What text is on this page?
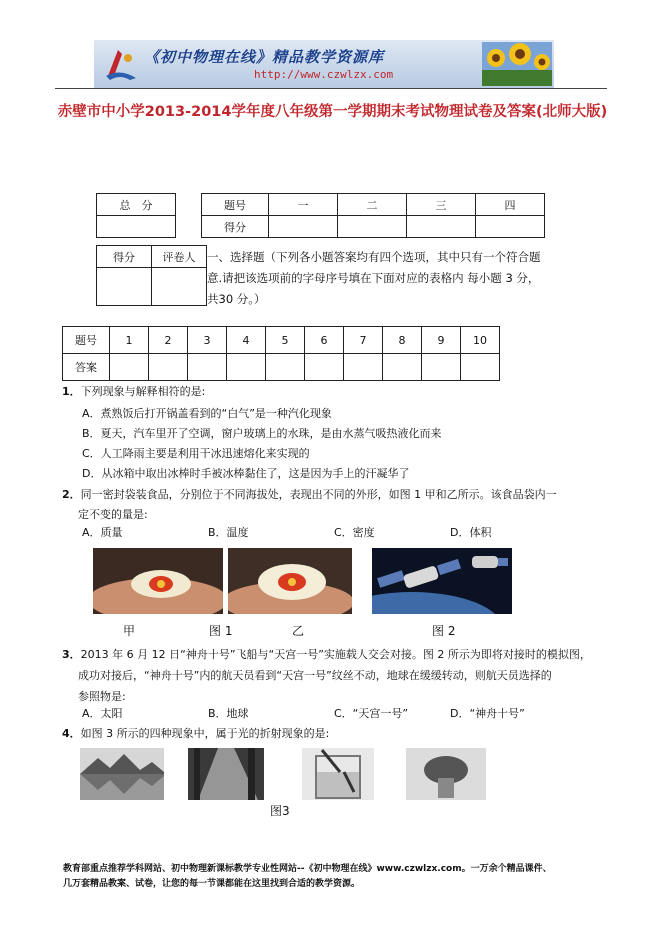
《初中物理在线》精品教学资源库
http://www.czwlzx.com
赤壁市中小学2013-2014学年度八年级第一学期期末考试物理试卷及答案(北师大版)
总　分	题号	一	二	三	四
得分				
得分	评卷人
	一、选择题（下列各小题答案均有四个选项，其中只有一个符合题
意.请把该选项前的字母序号填在下面对应的表格内 每小题 3 分，
共30 分。）
题号	1	2	3	4	5	6	7	8	9	10
答案										
1．下列现象与解释相符的是:
A．煮熟饭后打开锅盖看到的“白气”是一种汽化现象
B．夏天，汽车里开了空调，窗户玻璃上的水珠，是由水蒸气吸热液化而来
C．人工降雨主要是利用干冰迅速熔化来实现的
D．从冰箱中取出冰棒时手被冰棒黏住了，这是因为手上的汗凝华了
2．同一密封袋装食品，分别位于不同海拔处，表现出不同的外形，如图 1 甲和乙所示。该食品袋内一
定不变的量是:
A．质量	B．温度	C．密度	D．体积
甲	图 1	乙	图 2
3．2013 年 6 月 12 日“神舟十号”飞船与“天宫一号”实施载人交会对接。图 2 所示为即将对接时的模拟图，
成功对接后，“神舟十号”内的航天员看到“天宫一号”纹丝不动，地球在缓缓转动，则航天员选择的
参照物是:
A．太阳	B．地球	C．“天宫一号”	D．“神舟十号”
4．如图 3 所示的四种现象中，属于光的折射现象的是:
图3
教育部重点推荐学科网站、初中物理新课标教学专业性网站--《初中物理在线》www.czwlzx.com。一万余个精品课件、
几万套精品教案、试卷，让您的每一节课都能在这里找到合适的教学资源。
